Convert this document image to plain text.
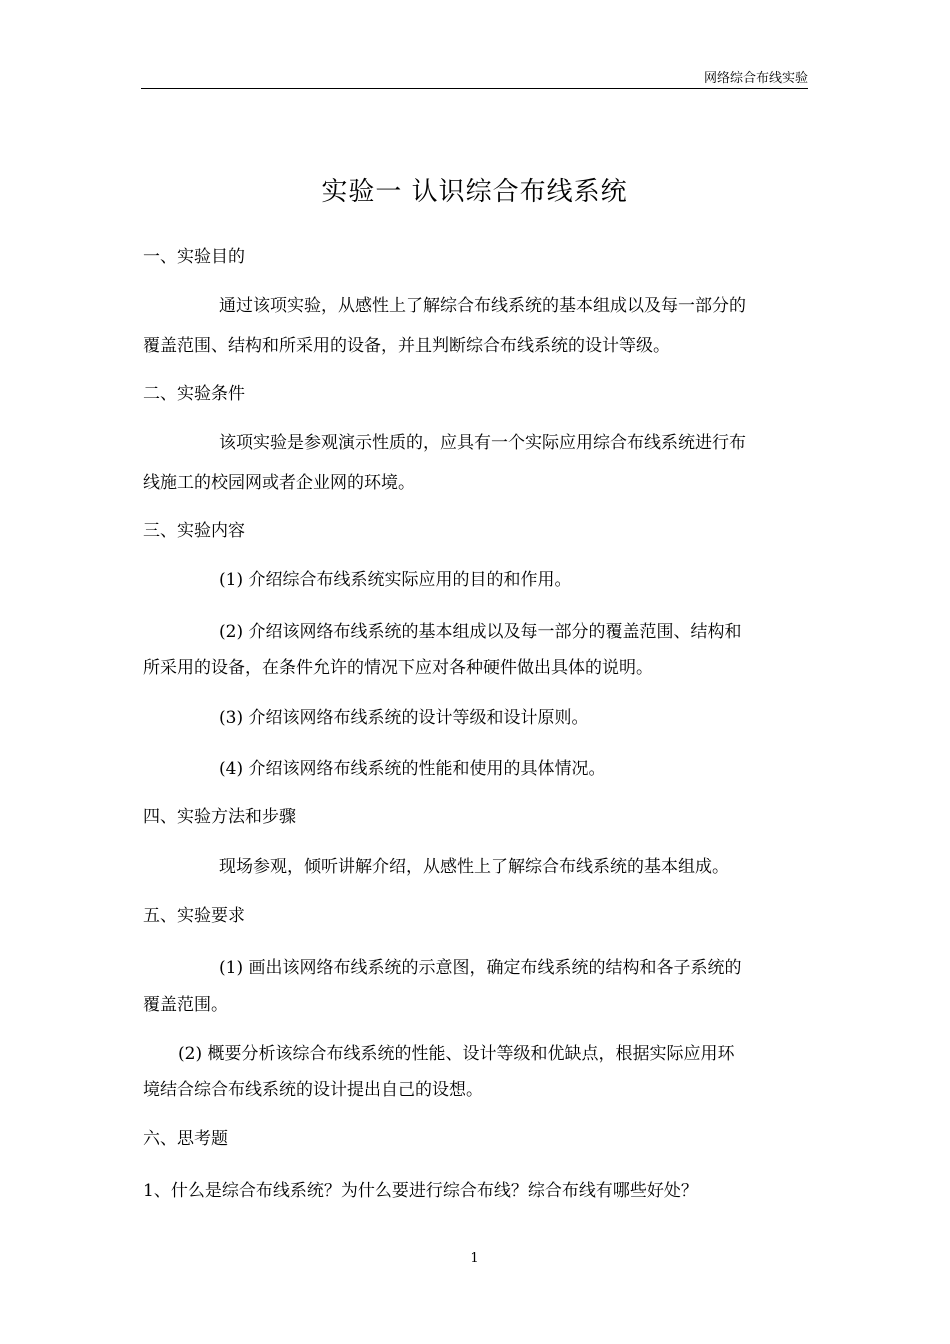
网络综合布线实验
实验一 认识综合布线系统
一、实验目的
通过该项实验，从感性上了解综合布线系统的基本组成以及每一部分的
覆盖范围、结构和所采用的设备，并且判断综合布线系统的设计等级。
二、实验条件
该项实验是参观演示性质的，应具有一个实际应用综合布线系统进行布
线施工的校园网或者企业网的环境。
三、实验内容
(1) 介绍综合布线系统实际应用的目的和作用。
(2) 介绍该网络布线系统的基本组成以及每一部分的覆盖范围、结构和
所采用的设备，在条件允许的情况下应对各种硬件做出具体的说明。
(3) 介绍该网络布线系统的设计等级和设计原则。
(4) 介绍该网络布线系统的性能和使用的具体情况。
四、实验方法和步骤
现场参观，倾听讲解介绍，从感性上了解综合布线系统的基本组成。
五、实验要求
(1) 画出该网络布线系统的示意图，确定布线系统的结构和各子系统的
覆盖范围。
(2) 概要分析该综合布线系统的性能、设计等级和优缺点，根据实际应用环
境结合综合布线系统的设计提出自己的设想。
六、思考题
1、什么是综合布线系统？为什么要进行综合布线？综合布线有哪些好处？
1
